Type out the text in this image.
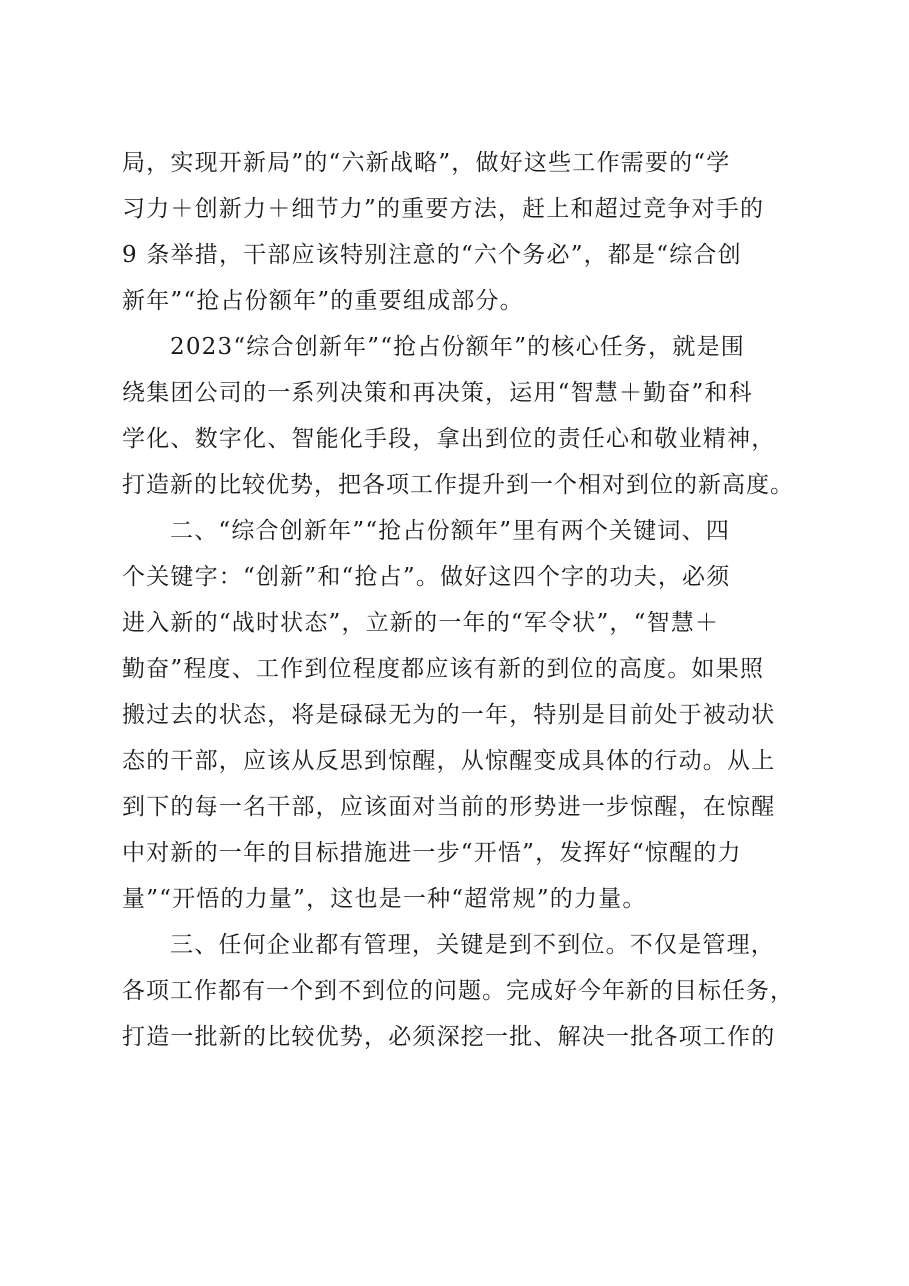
局，实现开新局”的“六新战略”，做好这些工作需要的“学
习力＋创新力＋细节力”的重要方法，赶上和超过竞争对手的
9 条举措，干部应该特别注意的“六个务必”，都是“综合创
新年”“抢占份额年”的重要组成部分。
2023“综合创新年”“抢占份额年”的核心任务，就是围
绕集团公司的一系列决策和再决策，运用“智慧＋勤奋”和科
学化、数字化、智能化手段，拿出到位的责任心和敬业精神，
打造新的比较优势，把各项工作提升到一个相对到位的新高度。
二、“综合创新年”“抢占份额年”里有两个关键词、四
个关键字：“创新”和“抢占”。做好这四个字的功夫，必须
进入新的“战时状态”，立新的一年的“军令状”，“智慧＋
勤奋”程度、工作到位程度都应该有新的到位的高度。如果照
搬过去的状态，将是碌碌无为的一年，特别是目前处于被动状
态的干部，应该从反思到惊醒，从惊醒变成具体的行动。从上
到下的每一名干部，应该面对当前的形势进一步惊醒，在惊醒
中对新的一年的目标措施进一步“开悟”，发挥好“惊醒的力
量”“开悟的力量”，这也是一种“超常规”的力量。
三、任何企业都有管理，关键是到不到位。不仅是管理，
各项工作都有一个到不到位的问题。完成好今年新的目标任务，
打造一批新的比较优势，必须深挖一批、解决一批各项工作的
